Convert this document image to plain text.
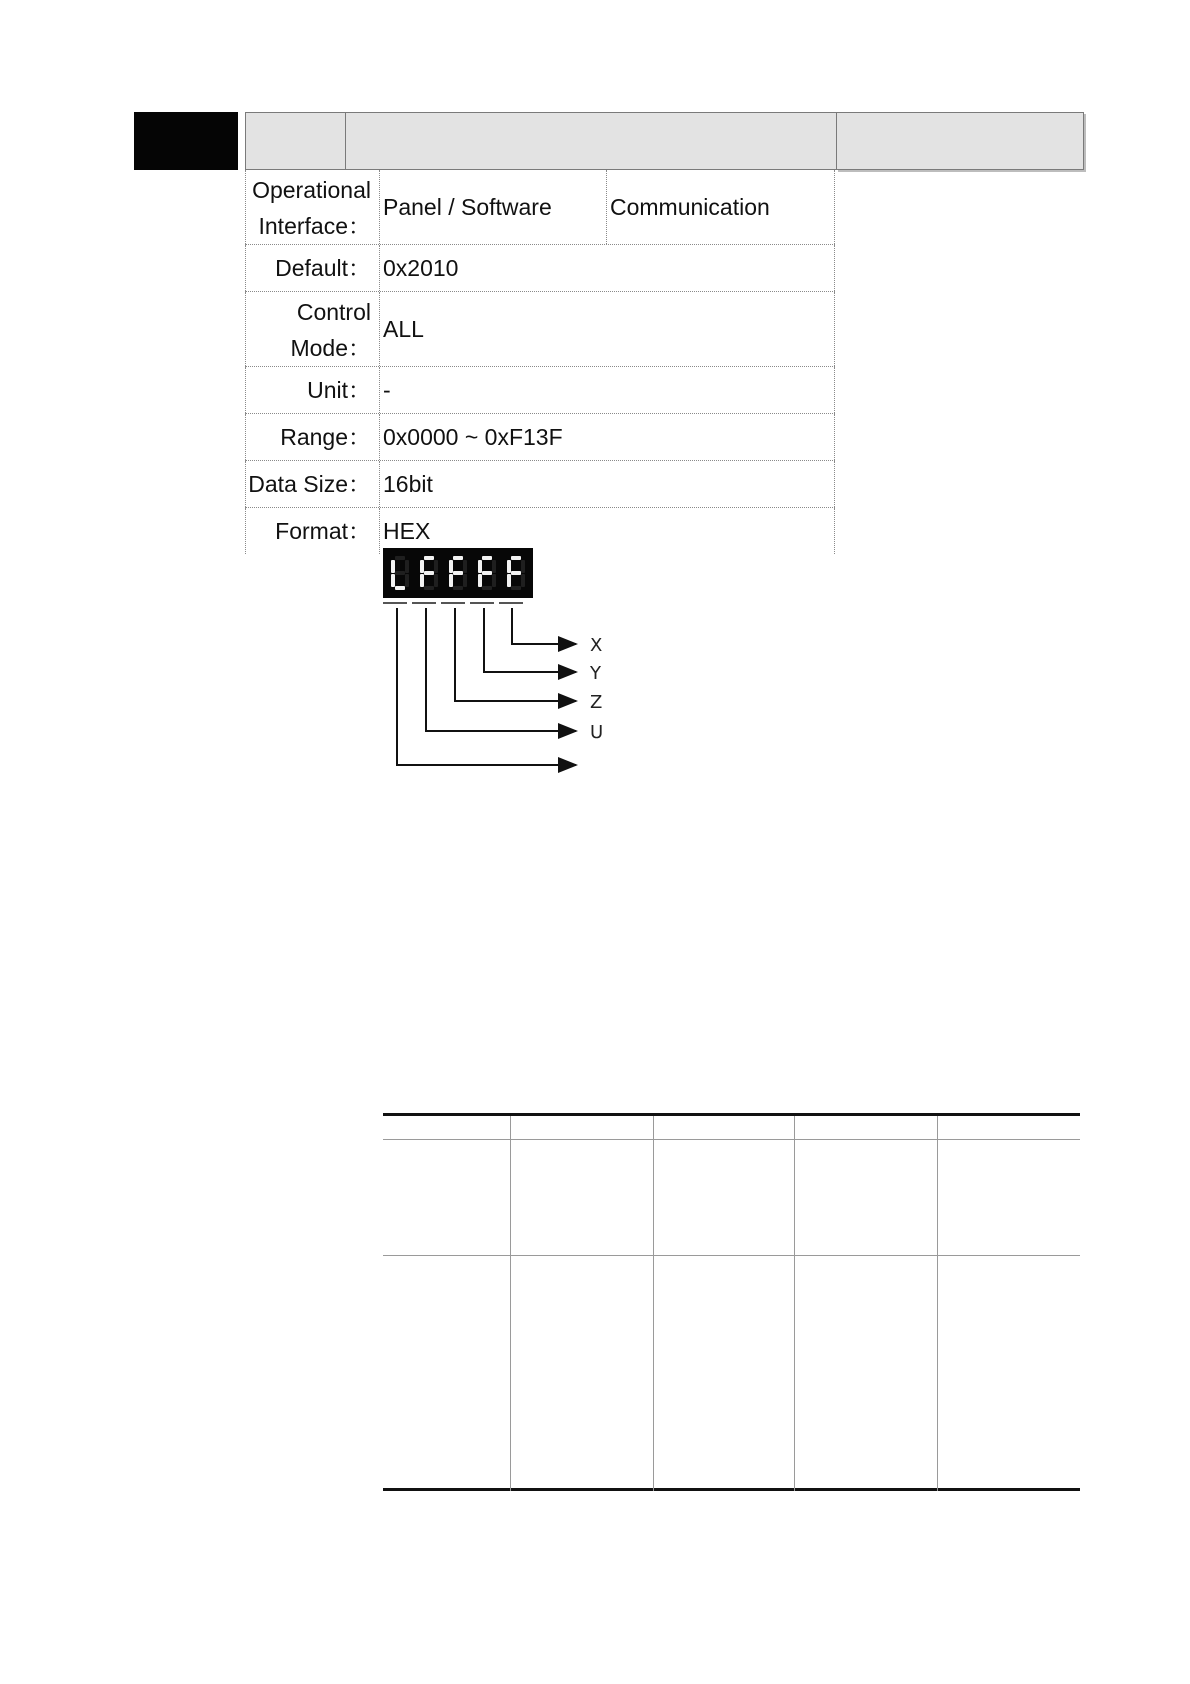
Operational
Interface：
Panel / Software	Communication
Default： 0x2010
Control
Mode：
ALL
Unit： -
Range： 0x0000 ~ 0xF13F
Data Size： 16bit
Format： HEX
X
Y
Z
U
